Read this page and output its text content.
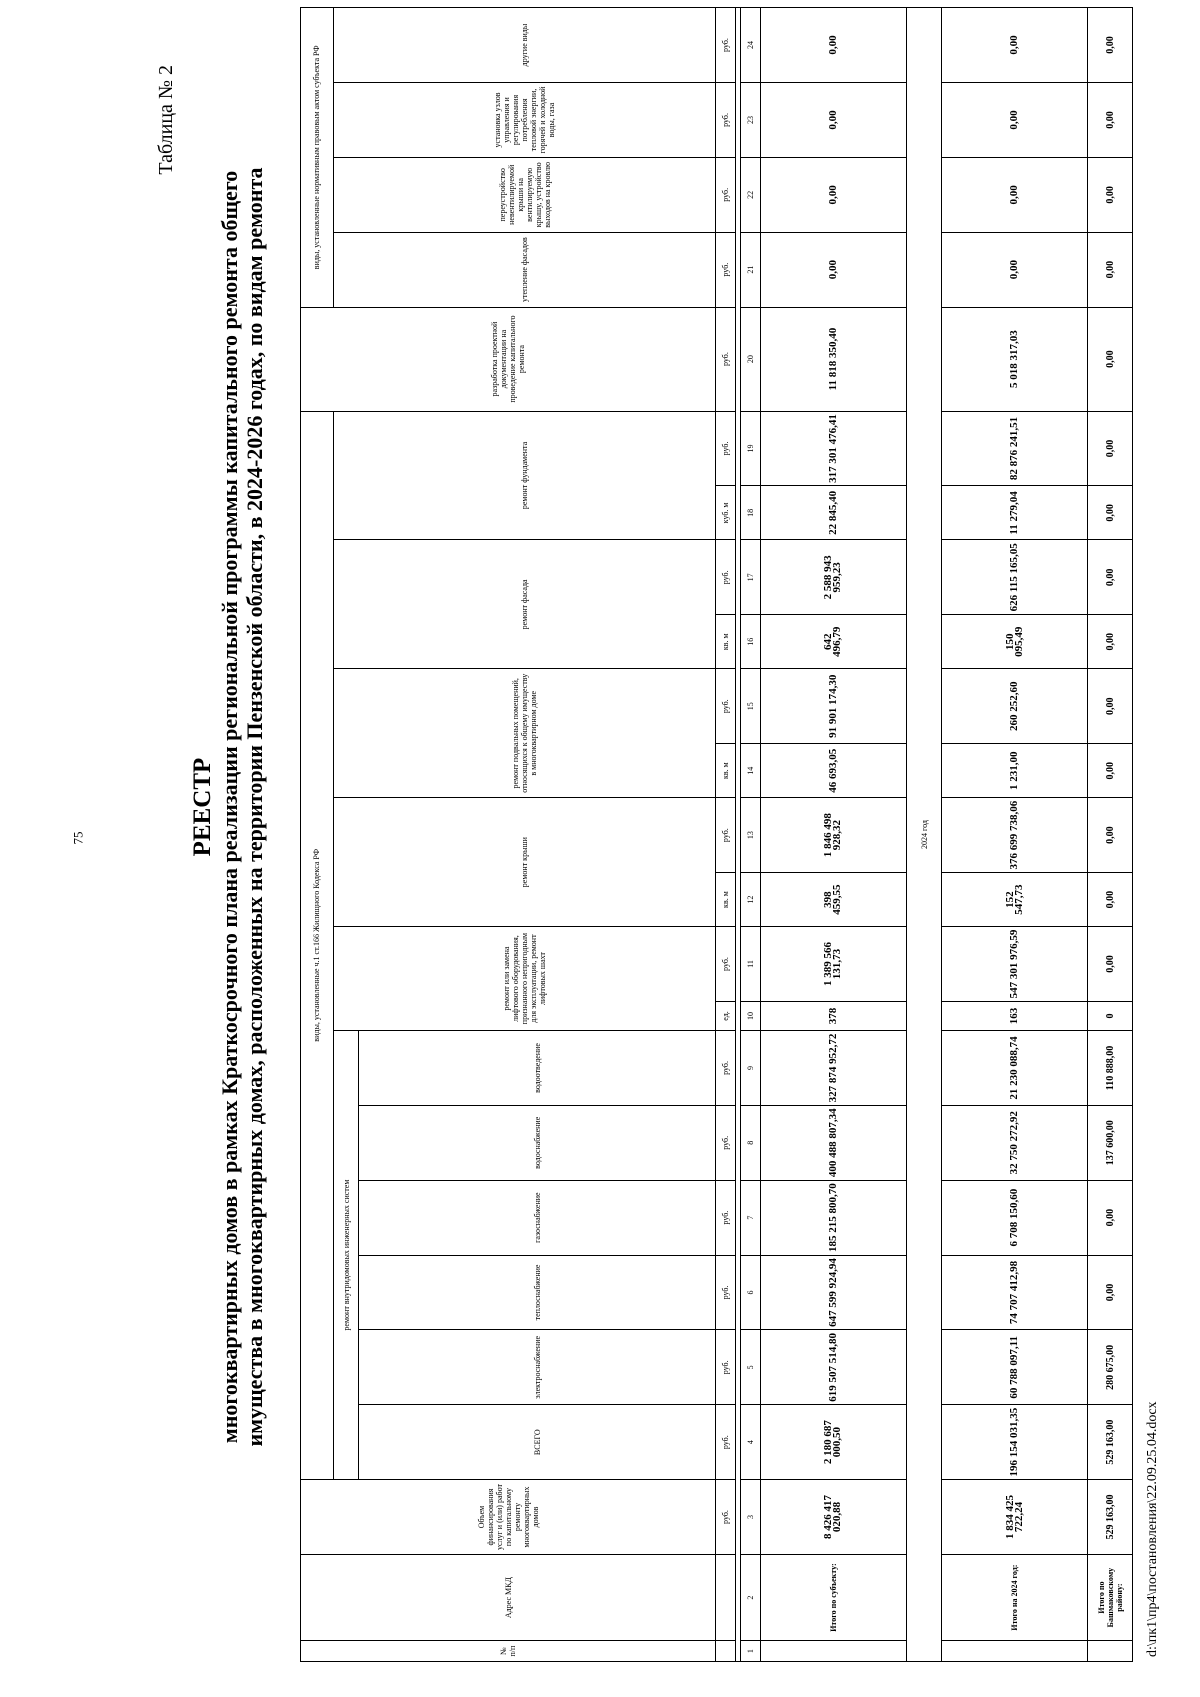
75
Таблица № 2
РЕЕСТР многоквартирных домов в рамках Краткосрочного плана реализации региональной программы капитального ремонта общего имущества в многоквартирных домах, расположенных на территории Пензенской области, в 2024-2026 годах, по видам ремонта
№ п/п	Адрес МКД	Объем финансирования услуг и (или) работ по капитальному ремонту многоквартирных домов	виды, установленные ч.1 ст.166 Жилищного Кодекса РФ																разработка проектной документации на проведение капитального ремонта	виды, установленные нормативным правовым актом субъекта РФ			
			ремонт внутридомовых инженерных систем						ремонт или замена лифтового оборудования, признанного непригодным для эксплуатации, ремонт лифтовых шахт		ремонт крыши		ремонт подвальных помещений, относящихся к общему имуществу в многоквартирном доме		ремонт фасада		ремонт фундамента			утепление фасадов	переустройство невентилируемой крыши на вентилируемую крышу, устройство выходов на кровлю	установка узлов управления и регулирования потребления тепловой энергии, горячей и холодной воды, газа	другие виды
			ВСЕГО	электроснабжение	теплоснабжение	газоснабжение	водоснабжение	водоотведение															
		руб.	руб.	руб.	руб.	руб.	руб.	руб.	ед.	руб.	кв. м	руб.	кв. м	руб.	кв. м	руб.	куб. м	руб.	руб.	руб.	руб.	руб.	руб.

1	2	3	4	5	6	7	8	9	10	11	12	13	14	15	16	17	18	19	20	21	22	23	24
	Итого по субъекту:	8 426 417 020,88	2 180 687 000,50	619 507 514,80	647 599 924,94	185 215 800,70	400 488 807,34	327 874 952,72	378	1 389 566 131,73	398 459,55	1 846 498 928,32	46 693,05	91 901 174,30	642 496,79	2 588 943 959,23	22 845,40	317 301 476,41	11 818 350,40	0,00	0,00	0,00	0,00
2024 год																							
	Итого на 2024 год:	1 834 425 722,24	196 154 031,35	60 788 097,11	74 707 412,98	6 708 150,60	32 750 272,92	21 230 088,74	163	547 301 976,59	152 547,73	376 699 738,06	1 231,00	260 252,60	150 095,49	626 115 165,05	11 279,04	82 876 241,51	5 018 317,03	0,00	0,00	0,00	0,00
	Итого по Башмаковскому району:	529 163,00	529 163,00	280 675,00	0,00	0,00	137 600,00	110 888,00	0	0,00	0,00	0,00	0,00	0,00	0,00	0,00	0,00	0,00	0,00	0,00	0,00	0,00	0,00
d:\пк1\пр4\постановления\22.09.25.04.docx
